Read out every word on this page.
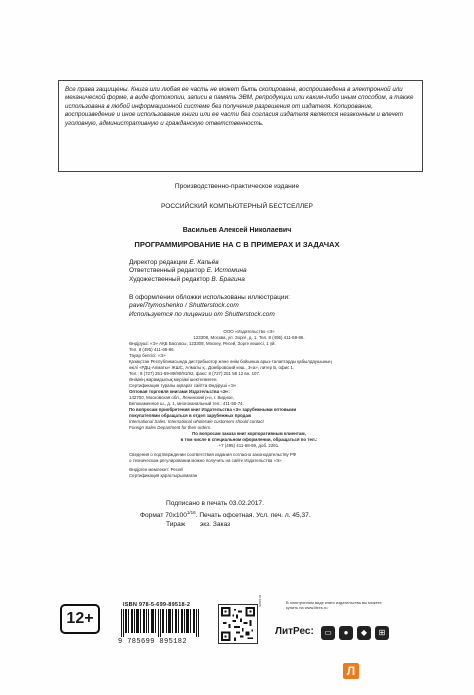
Все права защищены. Книга или любая ее часть не может быть скопирована, воспроизведена в электронной или механической форме, в виде фотокопии, записи в память ЭВМ, репродукции или каким-либо иным способом, а также использована в любой информационной системе без получения разрешения от издателя. Копирование, воспроизведение и иное использование книги или ее части без согласия издателя является незаконным и влечет уголовную, административную и гражданскую ответственность.
Производственно-практическое издание
РОССИЙСКИЙ КОМПЬЮТЕРНЫЙ БЕСТСЕЛЛЕР
Васильев Алексей Николаевич
ПРОГРАММИРОВАНИЕ НА С В ПРИМЕРАХ И ЗАДАЧАХ
Директор редакции Е. Капьёв
Ответственный редактор Е. Истомина
Художественный редактор В. Брагина
В оформлении обложки использованы иллюстрации:
pavel7tymoshenko / Shutterstock.com
Используется по лицензии от Shutterstock.com
ООО «Издательство «Э»
123308, Москва, ул. Зорге, д. 1. Тел. 8 (495) 411-68-86.
Өндіруші: «Э» АҚБ Баспасы, 123308, Мәскеу, Ресей, Зорге көшесі, 1 үй.
Тел. 8 (495) 411-68-86.
Тауар белгісі: «Э»
Қазақстан Республикасында дистрибьютор және өнім бойынша арыз-талаптарды қабылдаушының
өкілі «РДЦ-Алматы» ЖШС, Алматы қ., Домбровский көш., 3«а», литер Б, офис 1.
Тел.: 8 (727) 251-59-89/90/91/92, факс: 8 (727) 251 58 12 вн. 107.
Өнімнің жарамдылық мерзімі шектелмеген.
Сертификация туралы ақпарат сайтта Өндіруші «Э»
Оптовая торговля книгами Издательства «Э»:
142700, Московская обл., Ленинский р-н, г. Видное,
Белокаменное ш., д. 1, многоканальный тел.: 411-50-74.
По вопросам приобретения книг Издательства «Э» зарубежными оптовыми
покупателями обращаться в отдел зарубежных продаж
International Sales: International wholesale customers should contact
Foreign Sales Department for their orders.
По вопросам заказа книг корпоративным клиентам,
в том числе в специальном оформлении, обращаться по тел.:
+7 (495) 411-68-59, доб. 2261.
Сведения о подтверждении соответствия издания согласно законодательству РФ
о техническом регулировании можно получить на сайте Издательства «Э»
Өндірген мемлекет: Ресей
Сертификация қарастырылмаған
Подписано в печать 03.02.2017.
Формат $70x100^{1/16}$. Печать офсетная. Усл. печ. л. 45,37.
Тираж экз. Заказ
12+
ISBN 978-5-699-89518-2
9 785699 895182
ozon.ru	В электронном виде книги издательства вы можете
купить на www.litres.ru
ЛитРес:	▭	●	◆	⊞
Л
